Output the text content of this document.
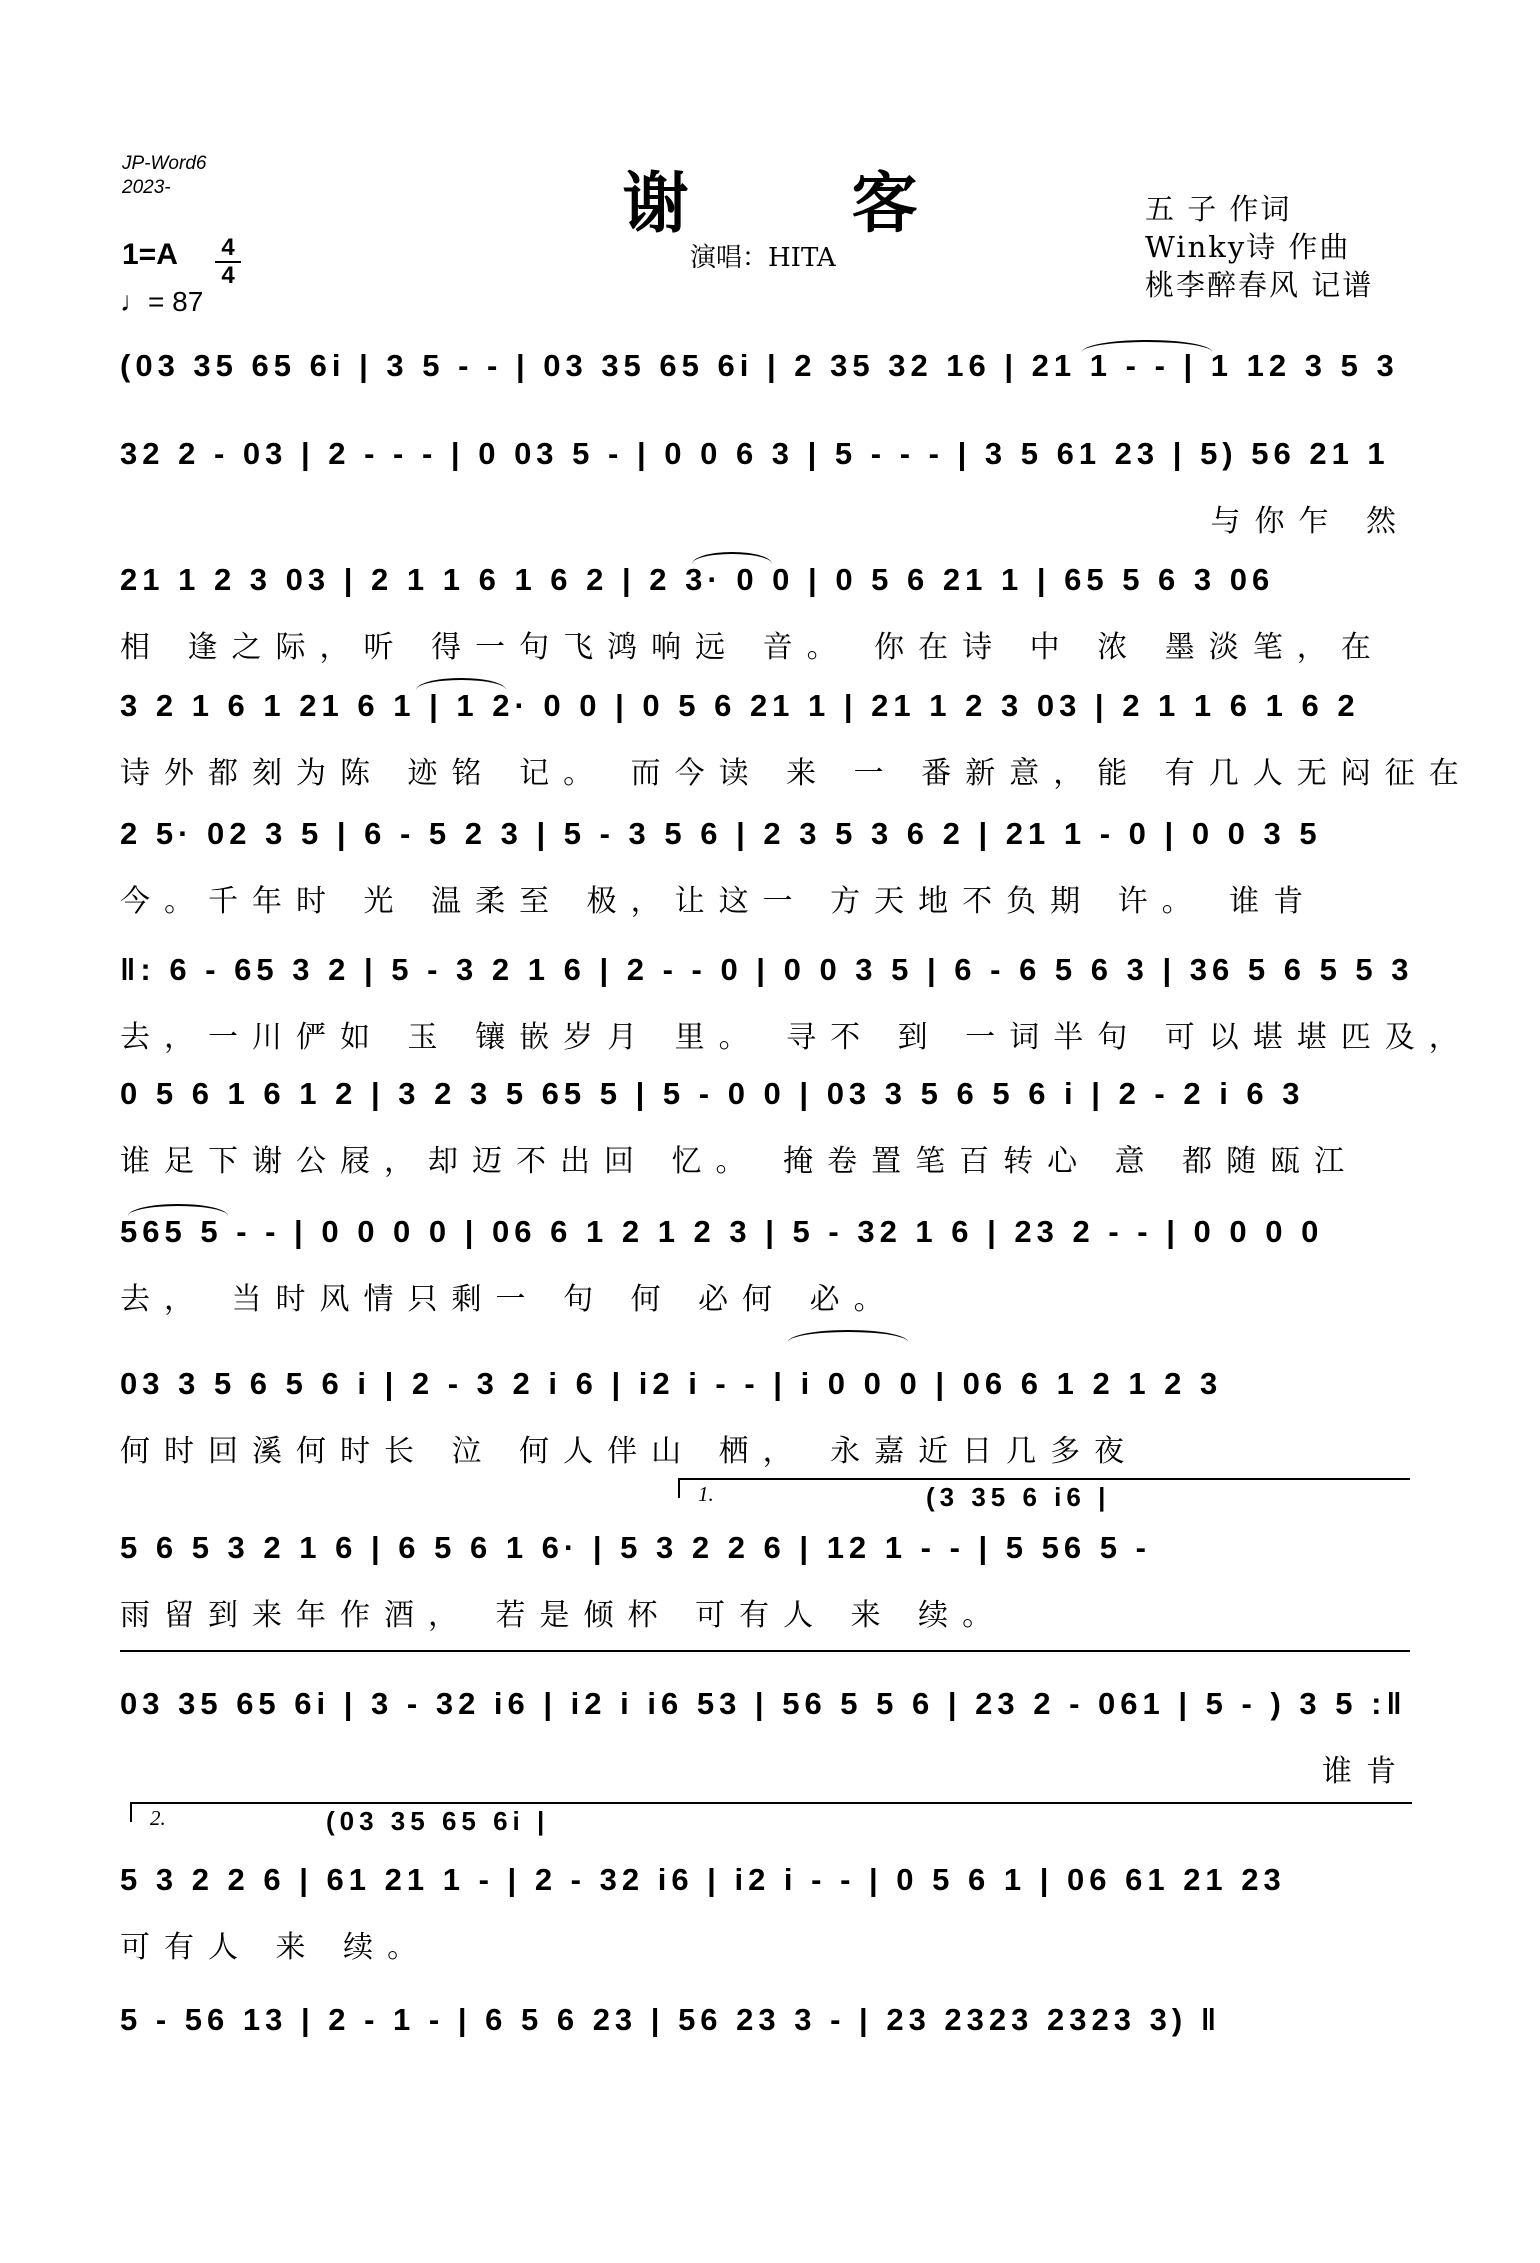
JP-Word6
2023-	谢 客
演唱：HITA
五 子 作词
Winky诗 作曲
桃李醉春风 记谱
1=A 4
4
♩= 87
(03 35 65 6i | 3 5 - - | 03 35 65 6i | 2 35 32 16 | 21 1 - - | 1 12 3 5 3
32 2 - 03 | 2 - - - | 0 03 5 - | 0 0 6 3 | 5 - - - | 3 5 61 23 | 5) 56 21 1
与你乍 然
21 1 2 3 03 | 2 1 1 6 1 6 2 | 2 3· 0 0 | 0 5 6 21 1 | 65 5 6 3 06
相 逢之际，听 得一句飞鸿响远 音。 你在诗 中 浓 墨淡笔，在
3 2 1 6 1 21 6 1 | 1 2· 0 0 | 0 5 6 21 1 | 21 1 2 3 03 | 2 1 1 6 1 6 2
诗外都刻为陈 迹铭 记。 而今读 来 一 番新意，能 有几人无闷征在
2 5· 02 3 5 | 6 - 5 2 3 | 5 - 3 5 6 | 2 3 5 3 6 2 | 21 1 - 0 | 0 0 3 5
今。千年时 光 温柔至 极，让这一 方天地不负期 许。 谁肯
‖: 6 - 65 3 2 | 5 - 3 2 1 6 | 2 - - 0 | 0 0 3 5 | 6 - 6 5 6 3 | 36 5 6 5 5 3
去，一川俨如 玉 镶嵌岁月 里。 寻不 到 一词半句 可以堪堪匹及，
0 5 6 1 6 1 2 | 3 2 3 5 65 5 | 5 - 0 0 | 03 3 5 6 5 6 i | 2 - 2 i 6 3
谁足下谢公屐，却迈不出回 忆。 掩卷置笔百转心 意 都随瓯江
565 5 - - | 0 0 0 0 | 06 6 1 2 1 2 3 | 5 - 32 1 6 | 23 2 - - | 0 0 0 0
去， 当时风情只剩一 句 何 必何 必。
03 3 5 6 5 6 i | 2 - 3 2 i 6 | i2 i - - | i 0 0 0 | 06 6 1 2 1 2 3
何时回溪何时长 泣 何人伴山 栖， 永嘉近日几多夜
1.	(3 35 6 i6 |
5 6 5 3 2 1 6 | 6 5 6 1 6· | 5 3 2 2 6 | 12 1 - - | 5 56 5 -
雨留到来年作酒， 若是倾杯 可有人 来 续。
03 35 65 6i | 3 - 32 i6 | i2 i i6 53 | 56 5 5 6 | 23 2 - 061 | 5 - ) 3 5 :‖
谁肯
2.	(03 35 65 6i |
5 3 2 2 6 | 61 21 1 - | 2 - 32 i6 | i2 i - - | 0 5 6 1 | 06 61 21 23
可有人 来 续。
5 - 56 13 | 2 - 1 - | 6 5 6 23 | 56 23 3 - | 23 2323 2323 3) ‖
